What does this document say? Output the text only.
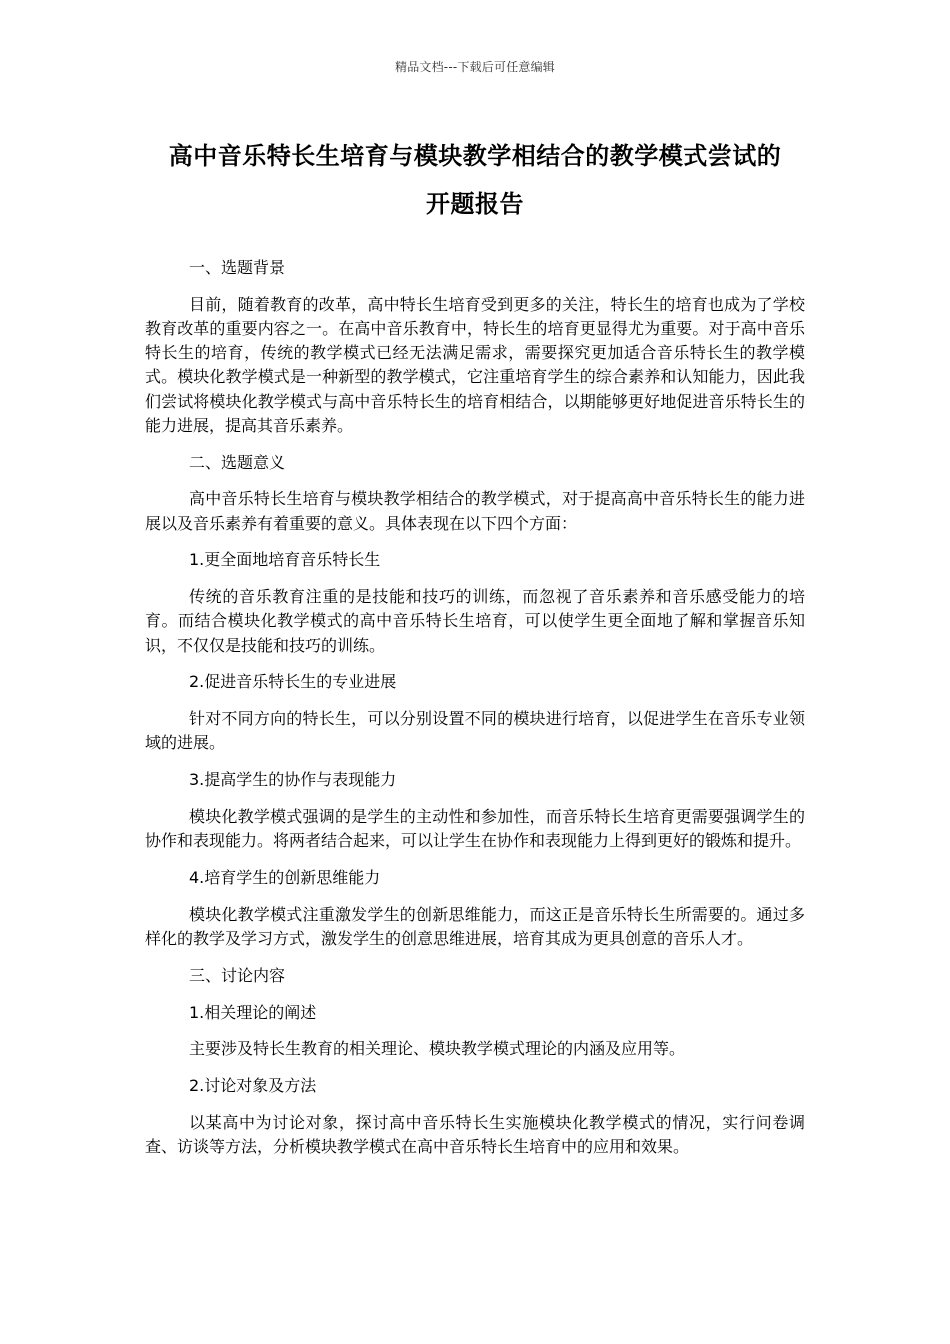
精品文档---下载后可任意编辑
高中音乐特长生培育与模块教学相结合的教学模式尝试的
开题报告

一、选题背景

目前，随着教育的改革，高中特长生培育受到更多的关注，特长生的培育也成为了学校教育改革的重要内容之一。在高中音乐教育中，特长生的培育更显得尤为重要。对于高中音乐特长生的培育，传统的教学模式已经无法满足需求，需要探究更加适合音乐特长生的教学模式。模块化教学模式是一种新型的教学模式，它注重培育学生的综合素养和认知能力，因此我们尝试将模块化教学模式与高中音乐特长生的培育相结合，以期能够更好地促进音乐特长生的能力进展，提高其音乐素养。

二、选题意义

高中音乐特长生培育与模块教学相结合的教学模式，对于提高高中音乐特长生的能力进展以及音乐素养有着重要的意义。具体表现在以下四个方面：

1.更全面地培育音乐特长生

传统的音乐教育注重的是技能和技巧的训练，而忽视了音乐素养和音乐感受能力的培育。而结合模块化教学模式的高中音乐特长生培育，可以使学生更全面地了解和掌握音乐知识，不仅仅是技能和技巧的训练。

2.促进音乐特长生的专业进展

针对不同方向的特长生，可以分别设置不同的模块进行培育，以促进学生在音乐专业领域的进展。

3.提高学生的协作与表现能力

模块化教学模式强调的是学生的主动性和参加性，而音乐特长生培育更需要强调学生的协作和表现能力。将两者结合起来，可以让学生在协作和表现能力上得到更好的锻炼和提升。

4.培育学生的创新思维能力

模块化教学模式注重激发学生的创新思维能力，而这正是音乐特长生所需要的。通过多样化的教学及学习方式，激发学生的创意思维进展，培育其成为更具创意的音乐人才。

三、讨论内容

1.相关理论的阐述

主要涉及特长生教育的相关理论、模块教学模式理论的内涵及应用等。

2.讨论对象及方法

以某高中为讨论对象，探讨高中音乐特长生实施模块化教学模式的情况，实行问卷调查、访谈等方法，分析模块教学模式在高中音乐特长生培育中的应用和效果。
